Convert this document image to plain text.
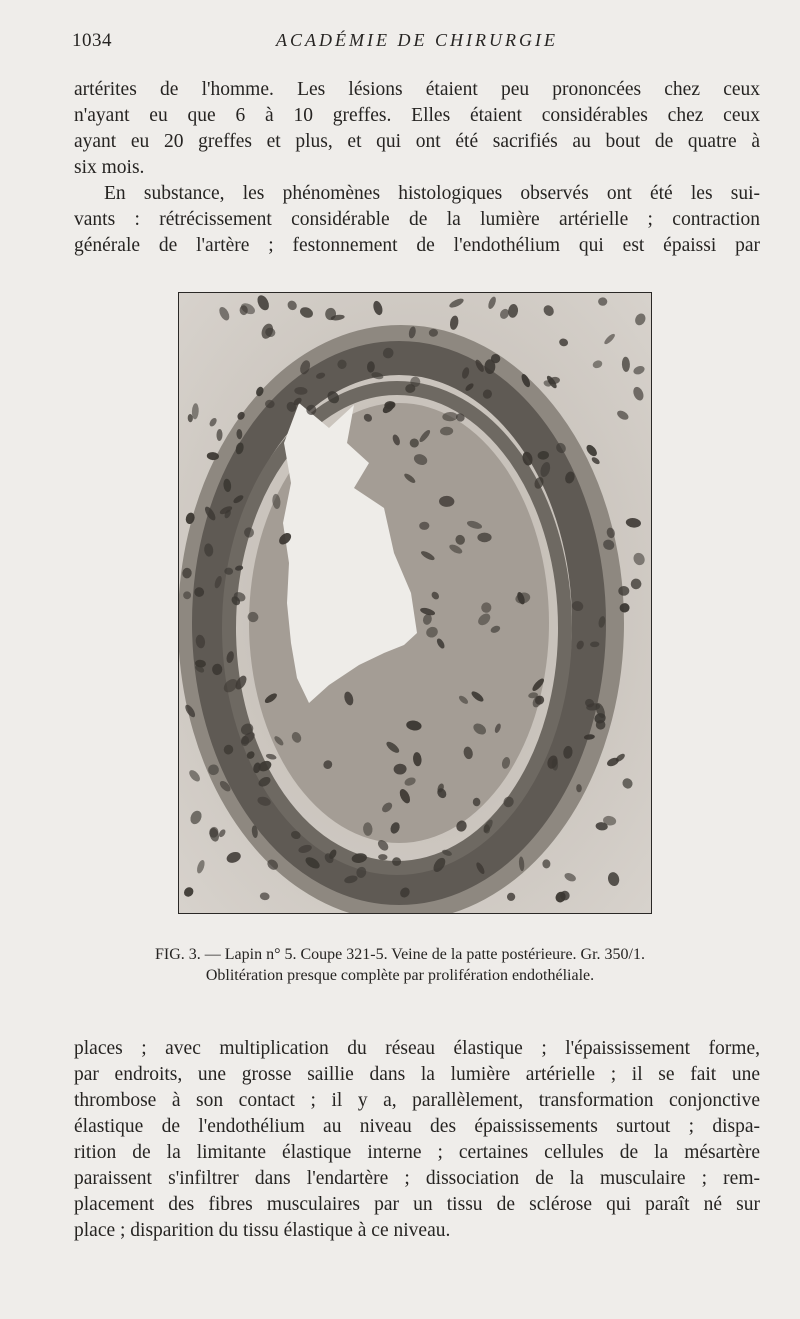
1034	ACADÉMIE DE CHIRURGIE

artérites de l'homme. Les lésions étaient peu prononcées chez ceux
n'ayant eu que 6 à 10 greffes. Elles étaient considérables chez ceux
ayant eu 20 greffes et plus, et qui ont été sacrifiés au bout de quatre à
six mois.

En substance, les phénomènes histologiques observés ont été les sui-
vants : rétrécissement considérable de la lumière artérielle ; contraction
générale de l'artère ; festonnement de l'endothélium qui est épaissi par

FIG. 3. — Lapin n° 5. Coupe 321-5. Veine de la patte postérieure. Gr. 350/1.
Oblitération presque complète par prolifération endothéliale.

places ; avec multiplication du réseau élastique ; l'épaississement forme,
par endroits, une grosse saillie dans la lumière artérielle ; il se fait une
thrombose à son contact ; il y a, parallèlement, transformation conjonctive
élastique de l'endothélium au niveau des épaississements surtout ; dispa-
rition de la limitante élastique interne ; certaines cellules de la mésartère
paraissent s'infiltrer dans l'endartère ; dissociation de la musculaire ; rem-
placement des fibres musculaires par un tissu de sclérose qui paraît né sur
place ; disparition du tissu élastique à ce niveau.
